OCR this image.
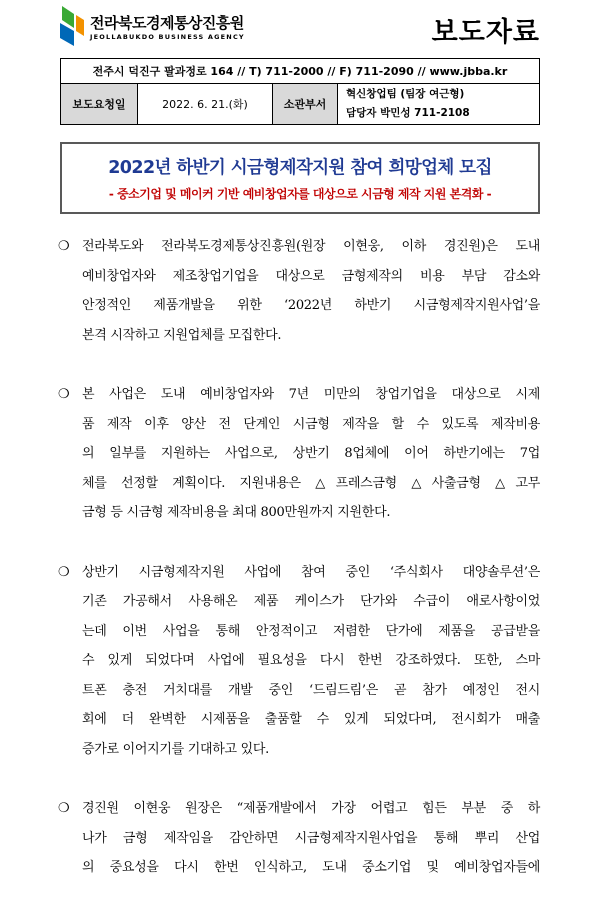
전라북도경제통상진흥원
JEOLLABUKDO BUSINESS AGENCY	보도자료
전주시 덕진구 팔과정로 164 // T) 711-2000 // F) 711-2090 // www.jbba.kr
보도요청일	2022. 6. 21.(화)	소관부서	
혁신창업팀 (팀장 여근형)
담당자 박민성 711-2108
2022년 하반기 시금형제작지원 참여 희망업체 모집
- 중소기업 및 메이커 기반 예비창업자를 대상으로 시금형 제작 지원 본격화 -
❍ 전라북도와 전라북도경제통상진흥원(원장 이현웅, 이하 경진원)은 도내
예비창업자와 제조창업기업을 대상으로 금형제작의 비용 부담 감소와
안정적인 제품개발을 위한 ‘2022년 하반기 시금형제작지원사업’을
본격 시작하고 지원업체를 모집한다.
❍ 본 사업은 도내 예비창업자와 7년 미만의 창업기업을 대상으로 시제
품 제작 이후 양산 전 단계인 시금형 제작을 할 수 있도록 제작비용
의 일부를 지원하는 사업으로, 상반기 8업체에 이어 하반기에는 7업
체를 선정할 계획이다. 지원내용은 △프레스금형 △사출금형 △고무
금형 등 시금형 제작비용을 최대 800만원까지 지원한다.
❍ 상반기 시금형제작지원 사업에 참여 중인 ‘주식회사 대양솔루션’은
기존 가공해서 사용해온 제품 케이스가 단가와 수급이 애로사항이었
는데 이번 사업을 통해 안정적이고 저렴한 단가에 제품을 공급받을
수 있게 되었다며 사업에 필요성을 다시 한번 강조하였다. 또한, 스마
트폰 충전 거치대를 개발 중인 ‘드림드림’은 곧 참가 예정인 전시
회에 더 완벽한 시제품을 출품할 수 있게 되었다며, 전시회가 매출
증가로 이어지기를 기대하고 있다.
❍ 경진원 이현웅 원장은 “제품개발에서 가장 어렵고 힘든 부분 중 하
나가 금형 제작임을 감안하면 시금형제작지원사업을 통해 뿌리 산업
의 중요성을 다시 한번 인식하고, 도내 중소기업 및 예비창업자들에
